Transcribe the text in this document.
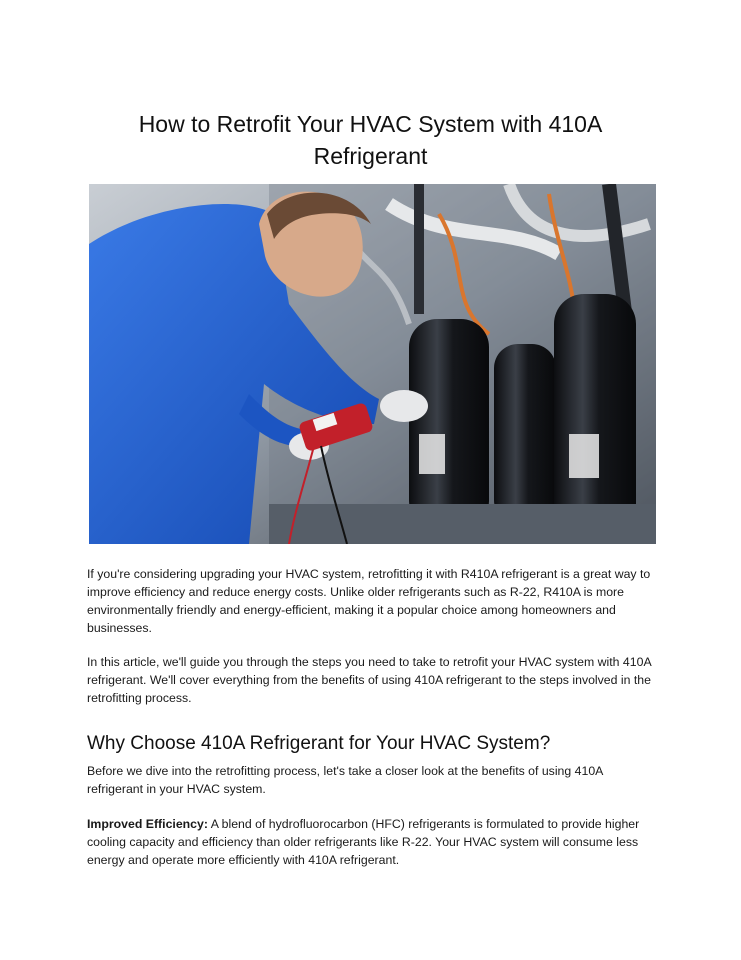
How to Retrofit Your HVAC System with 410A Refrigerant

If you're considering upgrading your HVAC system, retrofitting it with R410A refrigerant is a great way to improve efficiency and reduce energy costs. Unlike older refrigerants such as R-22, R410A is more environmentally friendly and energy-efficient, making it a popular choice among homeowners and businesses.

In this article, we'll guide you through the steps you need to take to retrofit your HVAC system with 410A refrigerant. We'll cover everything from the benefits of using 410A refrigerant to the steps involved in the retrofitting process.

Why Choose 410A Refrigerant for Your HVAC System?

Before we dive into the retrofitting process, let's take a closer look at the benefits of using 410A refrigerant in your HVAC system.

Improved Efficiency: A blend of hydrofluorocarbon (HFC) refrigerants is formulated to provide higher cooling capacity and efficiency than older refrigerants like R-22. Your HVAC system will consume less energy and operate more efficiently with 410A refrigerant.
